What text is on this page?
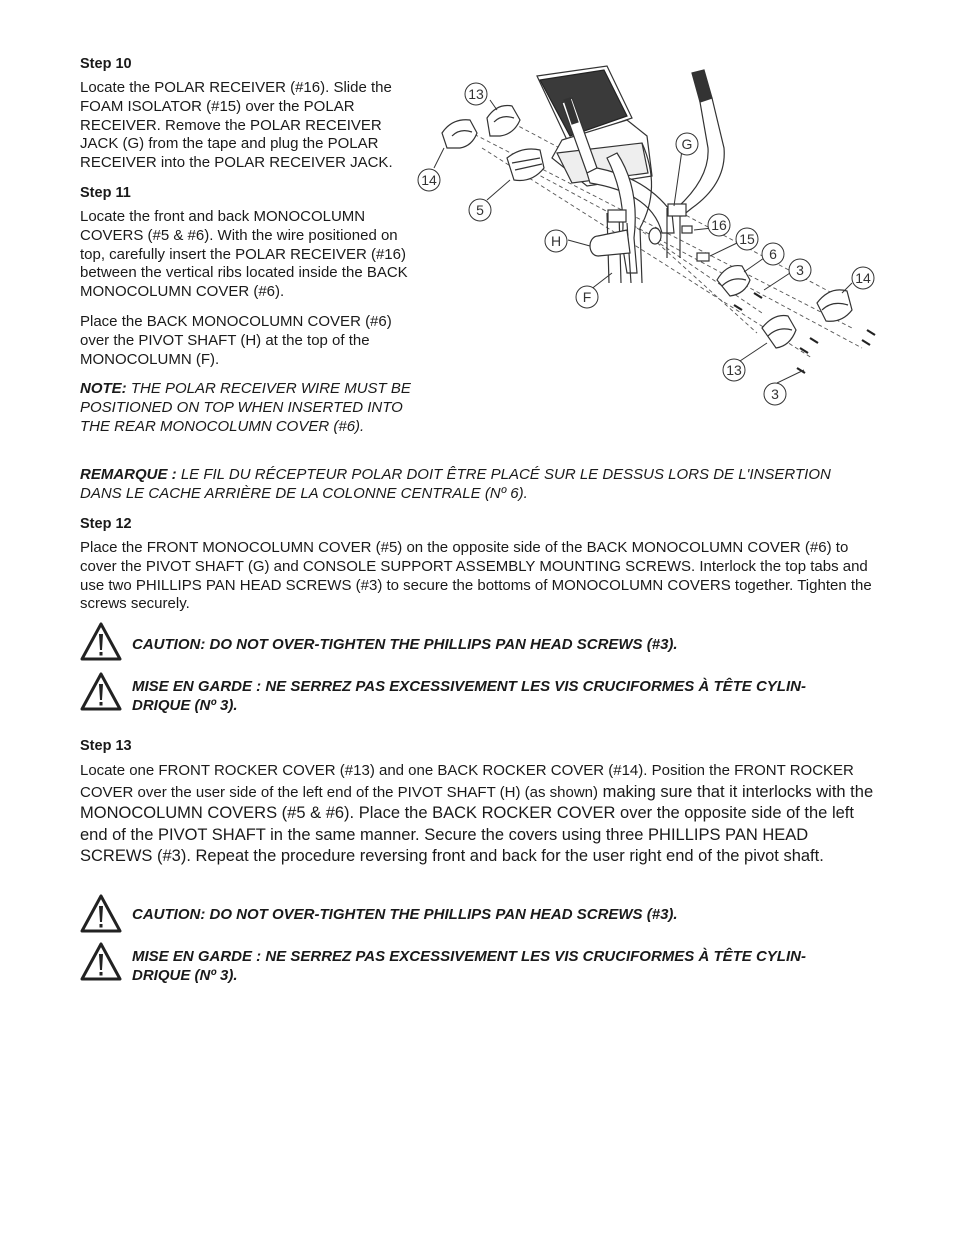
Step 10
Locate the POLAR RECEIVER (#16). Slide the FOAM ISOLATOR (#15) over the POLAR RECEIVER. Remove the POLAR RECEIVER JACK (G) from the tape and plug the POLAR RECEIVER into the POLAR RECEIVER JACK.
Step 11
Locate the front and back MONOCOLUMN COVERS (#5 & #6). With the wire positioned on top, carefully insert the POLAR RECEIVER (#16) between the vertical ribs located inside the BACK MONOCOLUMN COVER (#6).
Place the BACK MONOCOLUMN COVER (#6) over the PIVOT SHAFT (H) at the top of the MONOCOLUMN (F).
NOTE: THE POLAR RECEIVER WIRE MUST BE POSITIONED ON TOP WHEN INSERTED INTO THE REAR MONOCOLUMN COVER (#6).
REMARQUE : LE FIL DU RÉCEPTEUR POLAR DOIT ÊTRE PLACÉ SUR LE DESSUS LORS DE L'INSERTION DANS LE CACHE ARRIÈRE DE LA COLONNE CENTRALE (Nº 6).
Step 12
Place the FRONT MONOCOLUMN COVER (#5) on the opposite side of the BACK MONOCOLUMN COVER (#6) to cover the PIVOT SHAFT (G) and CONSOLE SUPPORT ASSEMBLY MOUNTING SCREWS. Interlock the top tabs and use two PHILLIPS PAN HEAD SCREWS (#3) to secure the bottoms of MONOCOLUMN COVERS together. Tighten the screws securely.
CAUTION: DO NOT OVER-TIGHTEN THE PHILLIPS PAN HEAD SCREWS (#3).
MISE EN GARDE : NE SERREZ PAS EXCESSIVEMENT LES VIS CRUCIFORMES À TÊTE CYLIN-DRIQUE (Nº 3).
Step 13
Locate one FRONT ROCKER COVER (#13) and one BACK ROCKER COVER (#14). Position the FRONT ROCKER COVER over the user side of the left end of the PIVOT SHAFT (H) (as shown) making sure that it interlocks with the MONOCOLUMN COVERS (#5 & #6). Place the BACK ROCKER COVER over the opposite side of the left end of the PIVOT SHAFT in the same manner. Secure the covers using three PHILLIPS PAN HEAD SCREWS (#3). Repeat the procedure reversing front and back for the user right end of the pivot shaft.
CAUTION: DO NOT OVER-TIGHTEN THE PHILLIPS PAN HEAD SCREWS (#3).
MISE EN GARDE : NE SERREZ PAS EXCESSIVEMENT LES VIS CRUCIFORMES À TÊTE CYLIN-DRIQUE (Nº 3).
13
14
5
H
F
G
16
15
6
3	14
13
3
